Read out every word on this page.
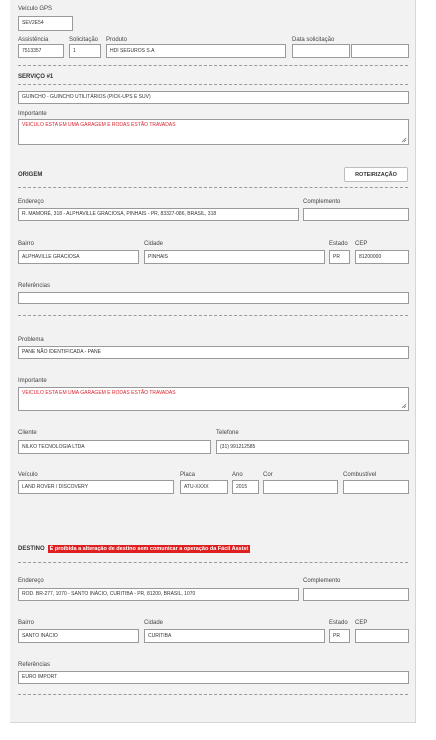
Veículo GPS
SEV2E54
Assistência
7513357
Solicitação
1
Produto
HDI SEGUROS S.A
Data solicitação
SERVIÇO #1
GUINCHO - GUINCHO UTILITÁRIOS (PICK-UPS E SUV)
Importante
VEICULO ESTA EM UMA GARAGEM E RODAS ESTÃO TRAVADAS
ORIGEM	ROTEIRIZAÇÃO
Endereço
R. MAMORÉ, 318 - ALPHAVILLE GRACIOSA, PINHAIS - PR, 83327-086, BRASIL, 318
Complemento
Bairro
ALPHAVILLE GRACIOSA
Cidade
PINHAIS
Estado
PR
CEP
81200000
Referências
Problema
PANE NÃO IDENTIFICADA - PANE
Importante
VEICULO ESTA EM UMA GARAGEM E RODAS ESTÃO TRAVADAS
Cliente
NILKO TECNOLOGIA LTDA
Telefone
(31) 991212585
Veículo
LAND ROVER / DISCOVERY
Placa
ATU-XXXX
Ano
2015
Cor	Combustível
DESTINO É proibida a alteração de destino sem comunicar a operação da Fácil Assist
Endereço
ROD. BR-277, 1070 - SANTO INÁCIO, CURITIBA - PR, 81200, BRASIL, 1070
Complemento
Bairro
SANTO INÁCIO
Cidade
CURITIBA
Estado
PR
CEP
Referências
EURO IMPORT
